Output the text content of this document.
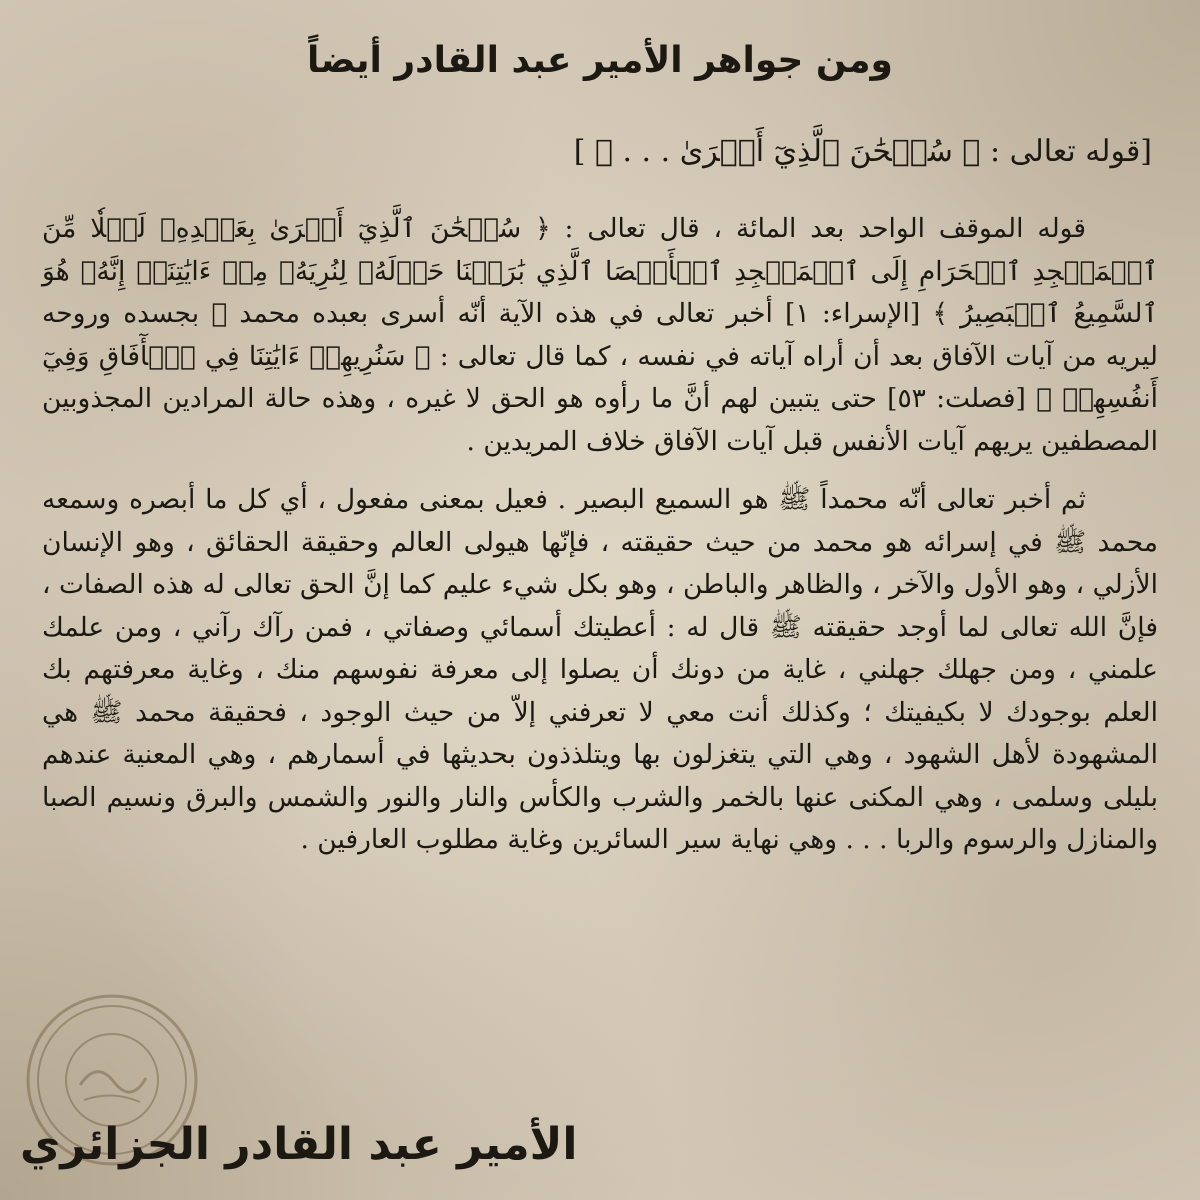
ومن جواهر الأمير عبد القادر أيضاً
[قوله تعالى : ﴿ سُبۡحَٰنَ ٱلَّذِيٓ أَسۡرَىٰ . . . ﴾ ]

قوله الموقف الواحد بعد المائة ، قال تعالى : ﴿ سُبۡحَٰنَ ٱلَّذِيٓ أَسۡرَىٰ بِعَبۡدِهِۦ لَيۡلٗا مِّنَ ٱلۡمَسۡجِدِ ٱلۡحَرَامِ إِلَى ٱلۡمَسۡجِدِ ٱلۡأَقۡصَا ٱلَّذِي بَٰرَكۡنَا حَوۡلَهُۥ لِنُرِيَهُۥ مِنۡ ءَايَٰتِنَآۚ إِنَّهُۥ هُوَ ٱلسَّمِيعُ ٱلۡبَصِيرُ ﴾ [الإسراء: ١] أخبر تعالى في هذه الآية أنّه أسرى بعبده محمد ﷺ بجسده وروحه ليريه من آيات الآفاق بعد أن أراه آياته في نفسه ، كما قال تعالى : ﴿ سَنُرِيهِمۡ ءَايَٰتِنَا فِي ٱلۡأٓفَاقِ وَفِيٓ أَنفُسِهِمۡ ﴾ [فصلت: ٥٣] حتى يتبين لهم أنَّ ما رأوه هو الحق لا غيره ، وهذه حالة المرادين المجذوبين المصطفين يريهم آيات الأنفس قبل آيات الآفاق خلاف المريدين .

ثم أخبر تعالى أنّه محمداً ﷺ هو السميع البصير . فعيل بمعنى مفعول ، أي كل ما أبصره وسمعه محمد ﷺ في إسرائه هو محمد من حيث حقيقته ، فإنّها هيولى العالم وحقيقة الحقائق ، وهو الإنسان الأزلي ، وهو الأول والآخر ، والظاهر والباطن ، وهو بكل شيء عليم كما إنَّ الحق تعالى له هذه الصفات ، فإنَّ الله تعالى لما أوجد حقيقته ﷺ قال له : أعطيتك أسمائي وصفاتي ، فمن رآك رآني ، ومن علمك علمني ، ومن جهلك جهلني ، غاية من دونك أن يصلوا إلى معرفة نفوسهم منك ، وغاية معرفتهم بك العلم بوجودك لا بكيفيتك ؛ وكذلك أنت معي لا تعرفني إلاّ من حيث الوجود ، فحقيقة محمد ﷺ هي المشهودة لأهل الشهود ، وهي التي يتغزلون بها ويتلذذون بحديثها في أسمارهم ، وهي المعنية عندهم بليلى وسلمى ، وهي المكنى عنها بالخمر والشرب والكأس والنار والنور والشمس والبرق ونسيم الصبا والمنازل والرسوم والربا . . . وهي نهاية سير السائرين وغاية مطلوب العارفين .

الأمير عبد القادر الجزائري
